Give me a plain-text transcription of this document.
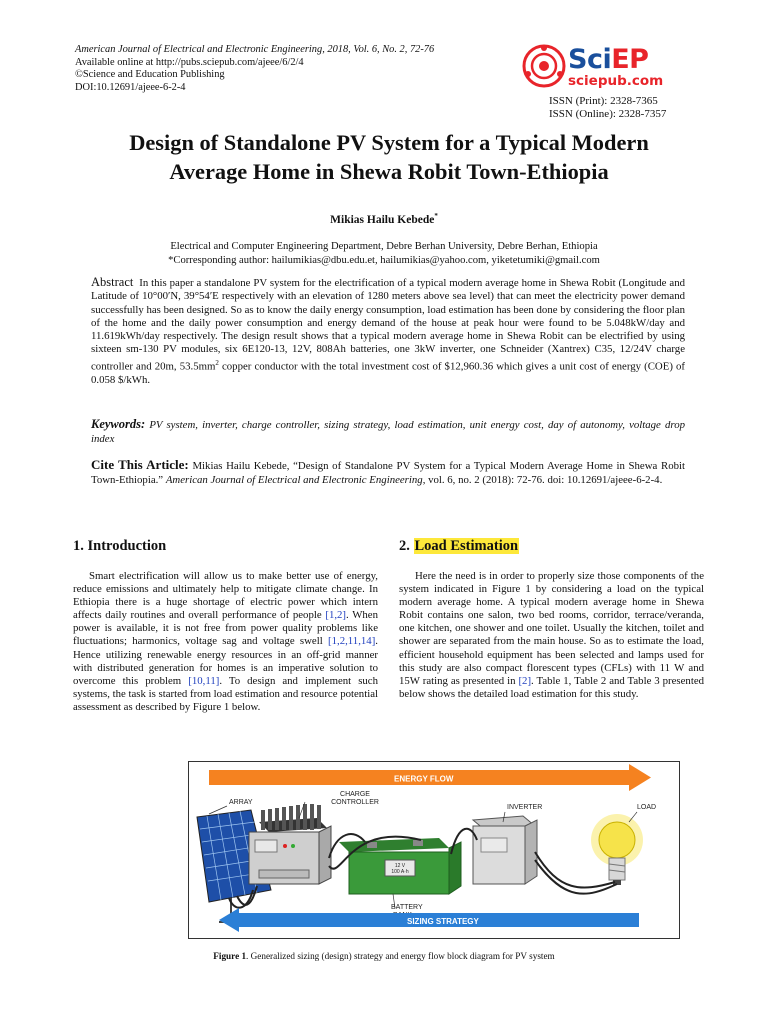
American Journal of Electrical and Electronic Engineering, 2018, Vol. 6, No. 2, 72-76
Available online at http://pubs.sciepub.com/ajeee/6/2/4
©Science and Education Publishing
DOI:10.12691/ajeee-6-2-4
SciEP
sciepub.com
ISSN (Print): 2328-7365
ISSN (Online): 2328-7357
Design of Standalone PV System for a Typical Modern
Average Home in Shewa Robit Town-Ethiopia
Mikias Hailu Kebede*
Electrical and Computer Engineering Department, Debre Berhan University, Debre Berhan, Ethiopia
*Corresponding author: hailumikias@dbu.edu.et, hailumikias@yahoo.com, yiketetumiki@gmail.com
Abstract In this paper a standalone PV system for the electrification of a typical modern average home in Shewa Robit (Longitude and Latitude of 10°00′N, 39°54′E respectively with an elevation of 1280 meters above sea level) that can meet the electricity power demand successfully has been designed. So as to know the daily energy consumption, load estimation has been done by considering the floor plan of the home and the daily power consumption and energy demand of the house at peak hour were found to be 5.048kW/day and 11.619kWh/day respectively. The design result shows that a typical modern average home in Shewa Robit can be electrified by using sixteen sm-130 PV modules, six 6E120-13, 12V, 808Ah batteries, one 3kW inverter, one Schneider (Xantrex) C35, 12/24V charge controller and 20m, $53.5mm^2$ copper conductor with the total investment cost of $12,960.36 which gives a unit cost of energy (COE) of 0.058 $/kWh.
Keywords: PV system, inverter, charge controller, sizing strategy, load estimation, unit energy cost, day of autonomy, voltage drop index
Cite This Article: Mikias Hailu Kebede, “Design of Standalone PV System for a Typical Modern Average Home in Shewa Robit Town-Ethiopia.” American Journal of Electrical and Electronic Engineering, vol. 6, no. 2 (2018): 72-76. doi: 10.12691/ajeee-6-2-4.
1. Introduction	2. Load Estimation

Smart electrification will allow us to make better use of energy, reduce emissions and ultimately help to mitigate climate change. In Ethiopia there is a huge shortage of electric power which intern affects daily routines and overall performance of people [1,2]. When power is available, it is not free from power quality problems like fluctuations; harmonics, voltage sag and voltage swell [1,2,11,14]. Hence utilizing renewable energy resources in an off-grid manner with distributed generation for homes is an imperative solution to overcome this problem [10,11]. To design and implement such systems, the task is started from load estimation and resource potential assessment as described by Figure 1 below.

Here the need is in order to properly size those components of the system indicated in Figure 1 by considering a load on the typical modern average home. A typical modern average home in Shewa Robit contains one salon, two bed rooms, corridor, terrace/veranda, one kitchen, one shower and one toilet. Usually the kitchen, toilet and shower are separated from the main house. So as to estimate the load, efficient household equipment has been selected and lamps used for this study are also compact florescent types (CFLs) with 11 W and 15W rating as presented in [2]. Table 1, Table 2 and Table 3 presented below shows the detailed load estimation for this study.

ENERGY FLOW
ARRAY
CHARGE CONTROLLER
12 V
100 A·h
BATTERY
INVERTER	LOAD
SIZING STRATEGY
Figure 1. Generalized sizing (design) strategy and energy flow block diagram for PV system
